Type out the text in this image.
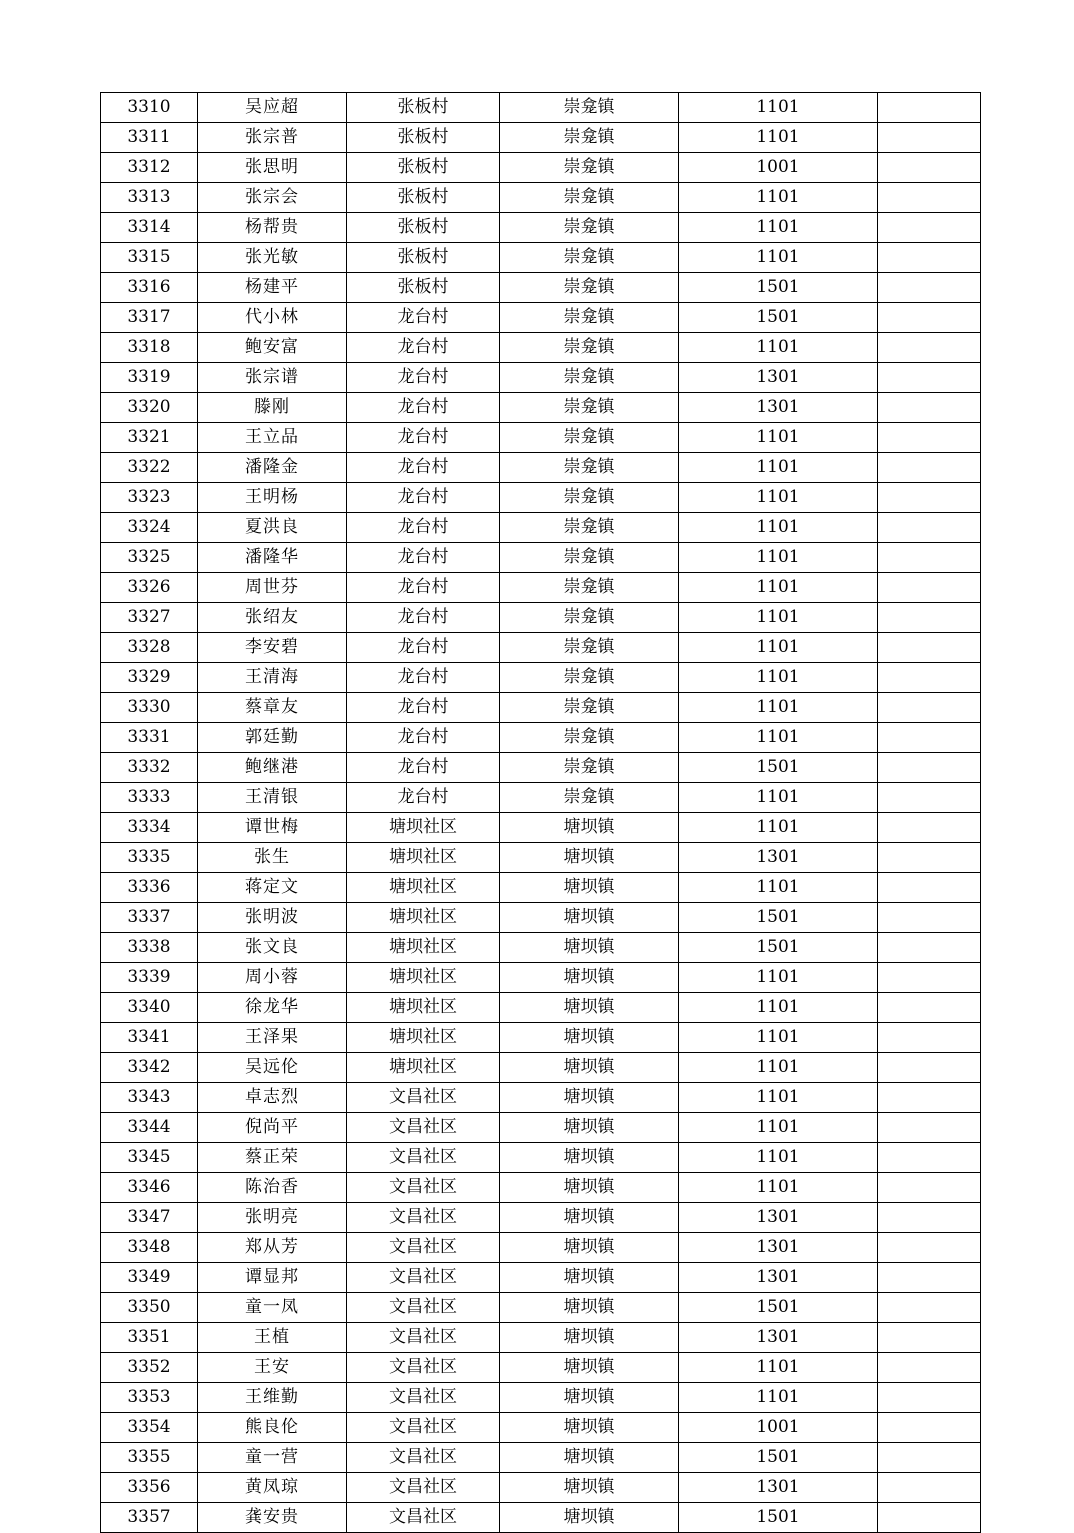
3310	吴应超	张板村	崇龛镇	1101	
3311	张宗普	张板村	崇龛镇	1101	
3312	张思明	张板村	崇龛镇	1001	
3313	张宗会	张板村	崇龛镇	1101	
3314	杨帮贵	张板村	崇龛镇	1101	
3315	张光敏	张板村	崇龛镇	1101	
3316	杨建平	张板村	崇龛镇	1501	
3317	代小林	龙台村	崇龛镇	1501	
3318	鲍安富	龙台村	崇龛镇	1101	
3319	张宗谱	龙台村	崇龛镇	1301	
3320	滕刚	龙台村	崇龛镇	1301	
3321	王立品	龙台村	崇龛镇	1101	
3322	潘隆金	龙台村	崇龛镇	1101	
3323	王明杨	龙台村	崇龛镇	1101	
3324	夏洪良	龙台村	崇龛镇	1101	
3325	潘隆华	龙台村	崇龛镇	1101	
3326	周世芬	龙台村	崇龛镇	1101	
3327	张绍友	龙台村	崇龛镇	1101	
3328	李安碧	龙台村	崇龛镇	1101	
3329	王清海	龙台村	崇龛镇	1101	
3330	蔡章友	龙台村	崇龛镇	1101	
3331	郭廷勤	龙台村	崇龛镇	1101	
3332	鲍继港	龙台村	崇龛镇	1501	
3333	王清银	龙台村	崇龛镇	1101	
3334	谭世梅	塘坝社区	塘坝镇	1101	
3335	张生	塘坝社区	塘坝镇	1301	
3336	蒋定文	塘坝社区	塘坝镇	1101	
3337	张明波	塘坝社区	塘坝镇	1501	
3338	张文良	塘坝社区	塘坝镇	1501	
3339	周小蓉	塘坝社区	塘坝镇	1101	
3340	徐龙华	塘坝社区	塘坝镇	1101	
3341	王泽果	塘坝社区	塘坝镇	1101	
3342	吴远伦	塘坝社区	塘坝镇	1101	
3343	卓志烈	文昌社区	塘坝镇	1101	
3344	倪尚平	文昌社区	塘坝镇	1101	
3345	蔡正荣	文昌社区	塘坝镇	1101	
3346	陈治香	文昌社区	塘坝镇	1101	
3347	张明亮	文昌社区	塘坝镇	1301	
3348	郑从芳	文昌社区	塘坝镇	1301	
3349	谭显邦	文昌社区	塘坝镇	1301	
3350	童一凤	文昌社区	塘坝镇	1501	
3351	王植	文昌社区	塘坝镇	1301	
3352	王安	文昌社区	塘坝镇	1101	
3353	王维勤	文昌社区	塘坝镇	1101	
3354	熊良伦	文昌社区	塘坝镇	1001	
3355	童一营	文昌社区	塘坝镇	1501	
3356	黄凤琼	文昌社区	塘坝镇	1301	
3357	龚安贵	文昌社区	塘坝镇	1501	
